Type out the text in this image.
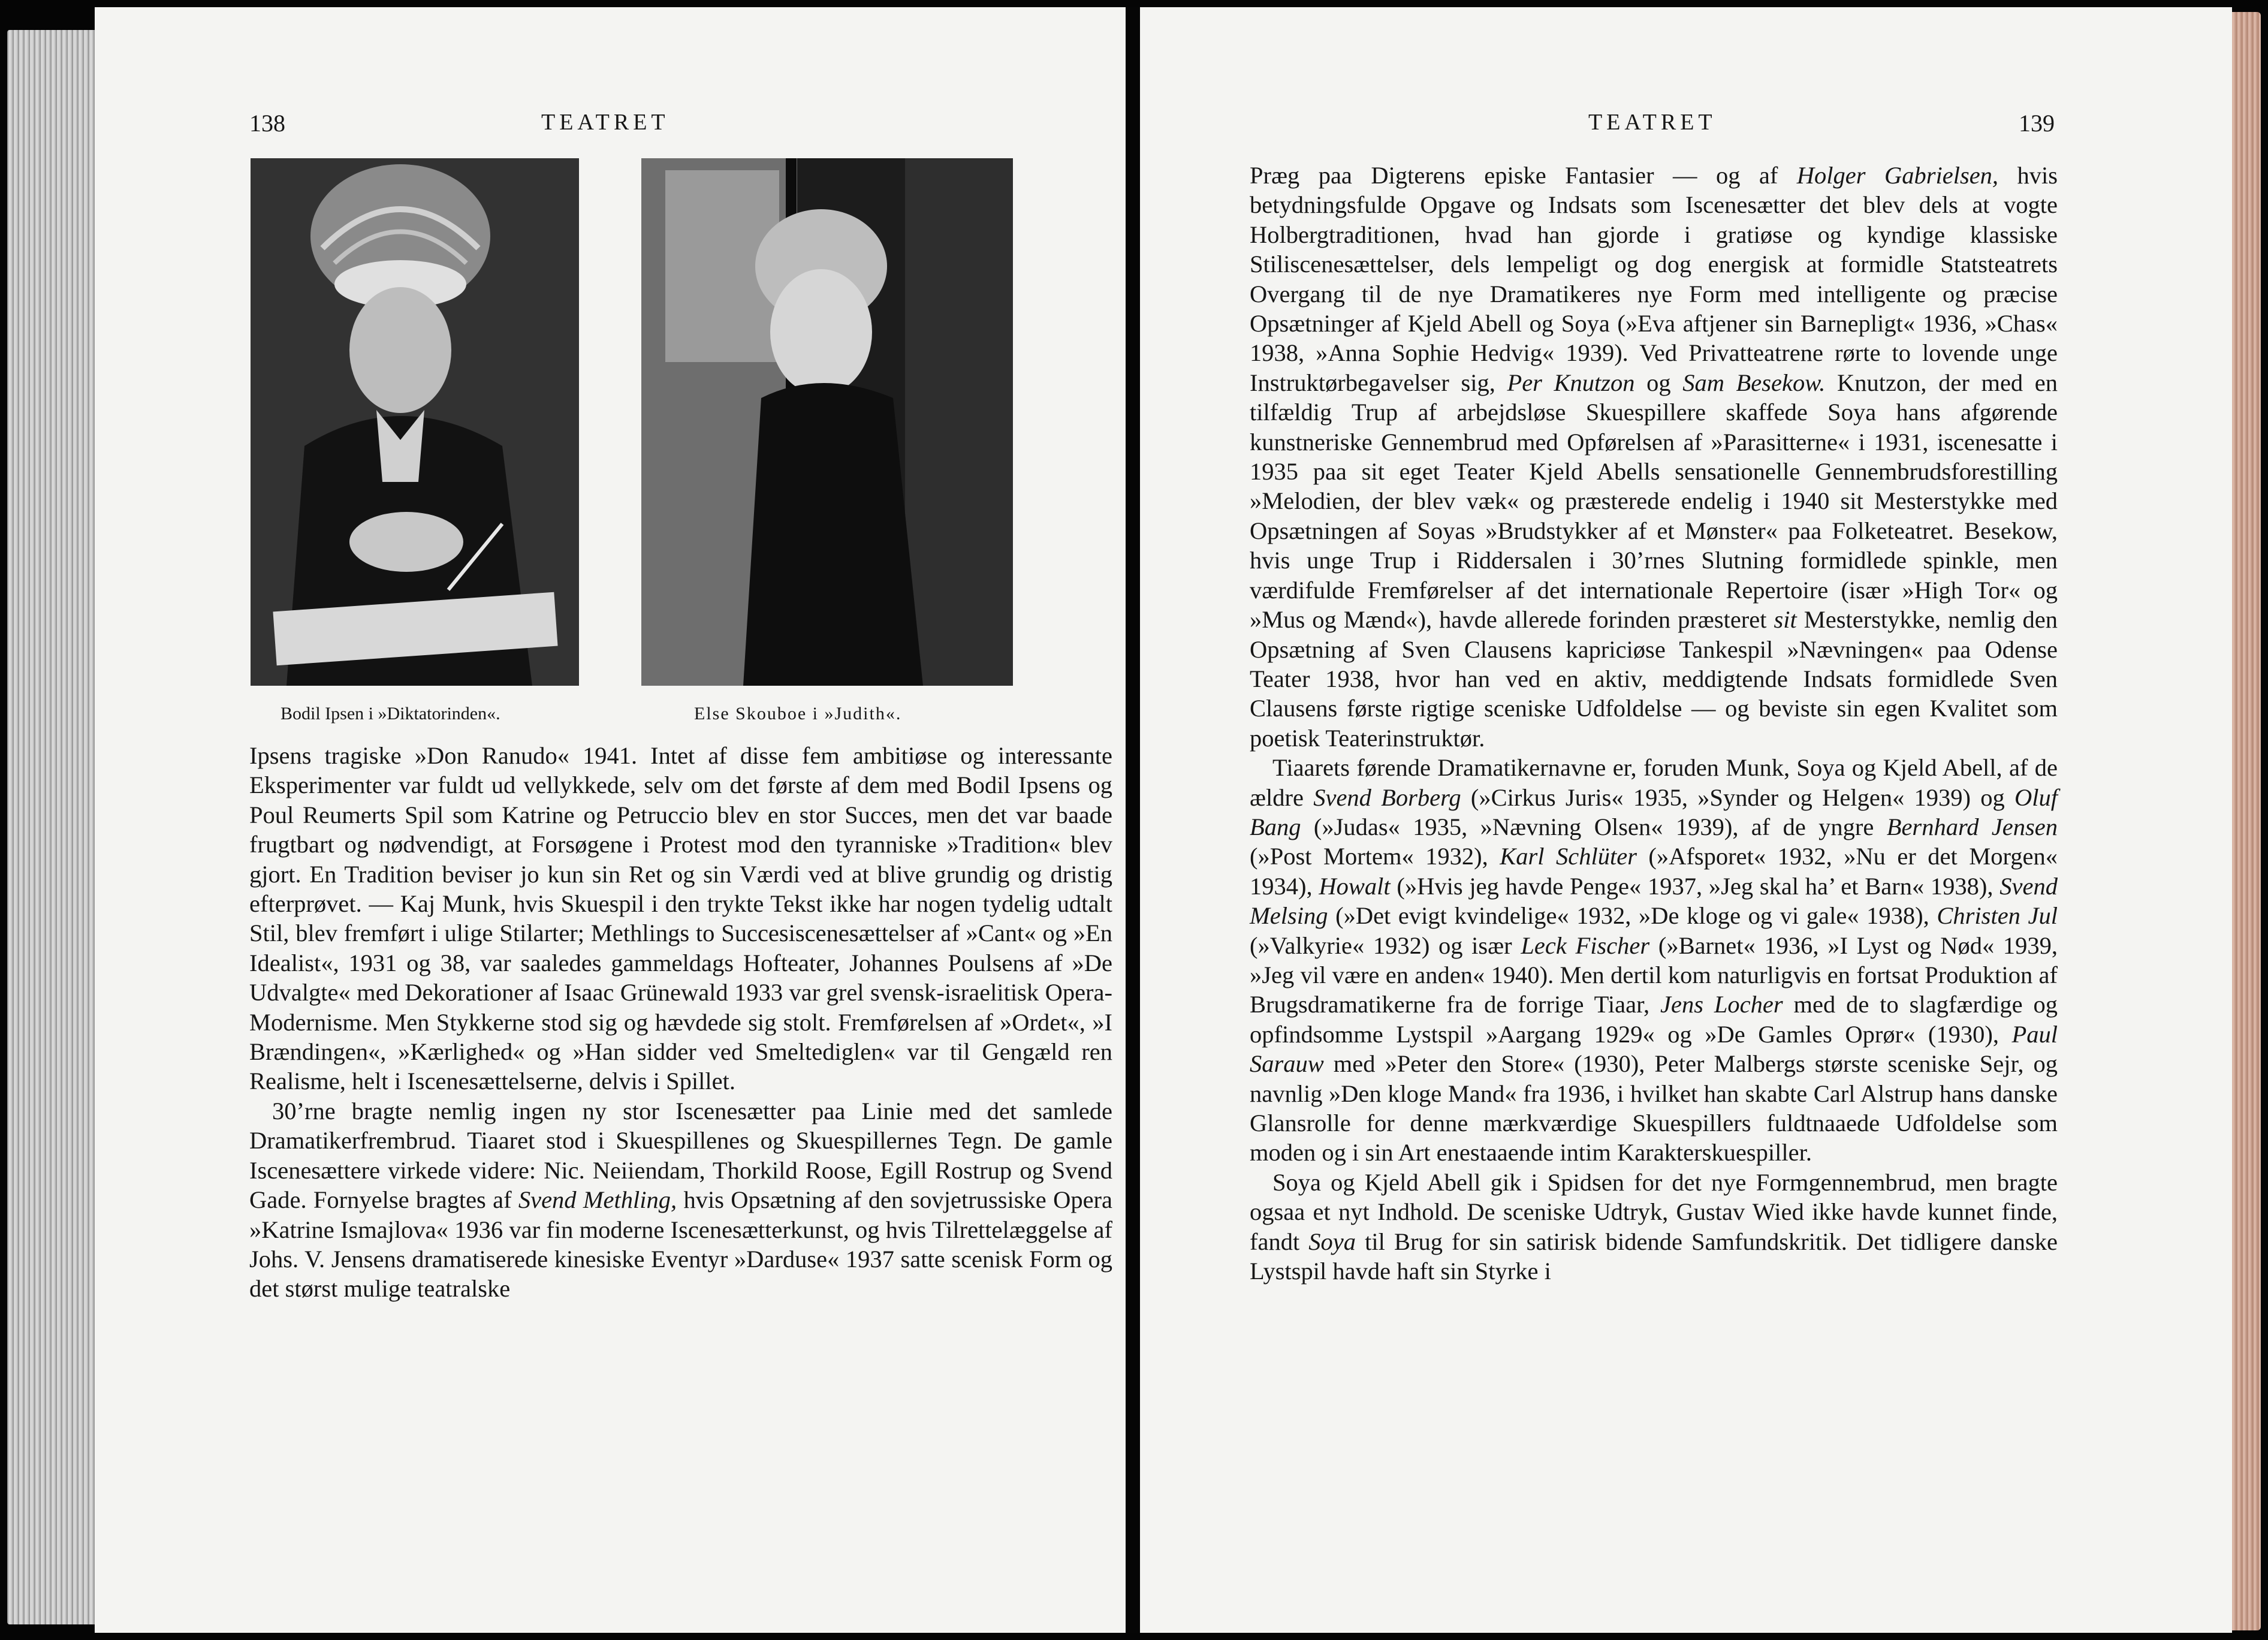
138	TEATRET
Bodil Ipsen i »Diktatorinden«.	Else Skouboe i »Judith«.

Ipsens tragiske »Don Ranudo« 1941. Intet af disse fem ambitiøse og interessante Eksperimenter var fuldt ud vellykkede, selv om det første af dem med Bodil Ipsens og Poul Reumerts Spil som Katrine og Petruccio blev en stor Succes, men det var baade frugtbart og nødvendigt, at Forsøgene i Protest mod den tyranniske »Tradition« blev gjort. En Tradition beviser jo kun sin Ret og sin Værdi ved at blive grundig og dristig efterprøvet. — Kaj Munk, hvis Skuespil i den trykte Tekst ikke har nogen tydelig udtalt Stil, blev fremført i ulige Stilarter; Methlings to Succesiscenesættelser af »Cant« og »En Idealist«, 1931 og 38, var saaledes gammeldags Hofteater, Johannes Poulsens af »De Udvalgte« med Dekorationer af Isaac Grünewald 1933 var grel svensk-israelitisk Opera-Modernisme. Men Stykkerne stod sig og hævdede sig stolt. Fremførelsen af »Ordet«, »I Brændingen«, »Kærlighed« og »Han sidder ved Smeltediglen« var til Gengæld ren Realisme, helt i Iscenesættelserne, delvis i Spillet.

30’rne bragte nemlig ingen ny stor Iscenesætter paa Linie med det samlede Dramatikerfrembrud. Tiaaret stod i Skuespillenes og Skuespillernes Tegn. De gamle Iscenesættere virkede videre: Nic. Neiiendam, Thorkild Roose, Egill Rostrup og Svend Gade. Fornyelse bragtes af Svend Methling, hvis Opsætning af den sovjetrussiske Opera »Katrine Ismajlova« 1936 var fin moderne Iscenesætterkunst, og hvis Tilrettelæggelse af Johs. V. Jensens dramatiserede kinesiske Eventyr »Darduse« 1937 satte scenisk Form og det størst mulige teatralske

TEATRET	139

Præg paa Digterens episke Fantasier — og af Holger Gabrielsen, hvis betydningsfulde Opgave og Indsats som Iscenesætter det blev dels at vogte Holbergtraditionen, hvad han gjorde i gratiøse og kyndige klassiske Stiliscenesættelser, dels lempeligt og dog energisk at formidle Statsteatrets Overgang til de nye Dramatikeres nye Form med intelligente og præcise Opsætninger af Kjeld Abell og Soya (»Eva aftjener sin Barnepligt« 1936, »Chas« 1938, »Anna Sophie Hedvig« 1939). Ved Privatteatrene rørte to lovende unge Instruktørbegavelser sig, Per Knutzon og Sam Besekow. Knutzon, der med en tilfældig Trup af arbejdsløse Skuespillere skaffede Soya hans afgørende kunstneriske Gennembrud med Opførelsen af »Parasitterne« i 1931, iscenesatte i 1935 paa sit eget Teater Kjeld Abells sensationelle Gennembrudsforestilling »Melodien, der blev væk« og præsterede endelig i 1940 sit Mesterstykke med Opsætningen af Soyas »Brudstykker af et Mønster« paa Folketeatret. Besekow, hvis unge Trup i Riddersalen i 30’rnes Slutning formidlede spinkle, men værdifulde Fremførelser af det internationale Repertoire (især »High Tor« og »Mus og Mænd«), havde allerede forinden præsteret sit Mesterstykke, nemlig den Opsætning af Sven Clausens kapriciøse Tankespil »Nævningen« paa Odense Teater 1938, hvor han ved en aktiv, meddigtende Indsats formidlede Sven Clausens første rigtige sceniske Udfoldelse — og beviste sin egen Kvalitet som poetisk Teaterinstruktør.

Tiaarets førende Dramatikernavne er, foruden Munk, Soya og Kjeld Abell, af de ældre Svend Borberg (»Cirkus Juris« 1935, »Synder og Helgen« 1939) og Oluf Bang (»Judas« 1935, »Nævning Olsen« 1939), af de yngre Bernhard Jensen (»Post Mortem« 1932), Karl Schlüter (»Afsporet« 1932, »Nu er det Morgen« 1934), Howalt (»Hvis jeg havde Penge« 1937, »Jeg skal ha’ et Barn« 1938), Svend Melsing (»Det evigt kvindelige« 1932, »De kloge og vi gale« 1938), Christen Jul (»Valkyrie« 1932) og især Leck Fischer (»Barnet« 1936, »I Lyst og Nød« 1939, »Jeg vil være en anden« 1940). Men dertil kom naturligvis en fortsat Produktion af Brugsdramatikerne fra de forrige Tiaar, Jens Locher med de to slagfærdige og opfindsomme Lystspil »Aargang 1929« og »De Gamles Oprør« (1930), Paul Sarauw med »Peter den Store« (1930), Peter Malbergs største sceniske Sejr, og navnlig »Den kloge Mand« fra 1936, i hvilket han skabte Carl Alstrup hans danske Glansrolle for denne mærkværdige Skuespillers fuldtnaaede Udfoldelse som moden og i sin Art enestaaende intim Karakterskuespiller.

Soya og Kjeld Abell gik i Spidsen for det nye Formgennembrud, men bragte ogsaa et nyt Indhold. De sceniske Udtryk, Gustav Wied ikke havde kunnet finde, fandt Soya til Brug for sin satirisk bidende Samfundskritik. Det tidligere danske Lystspil havde haft sin Styrke i
